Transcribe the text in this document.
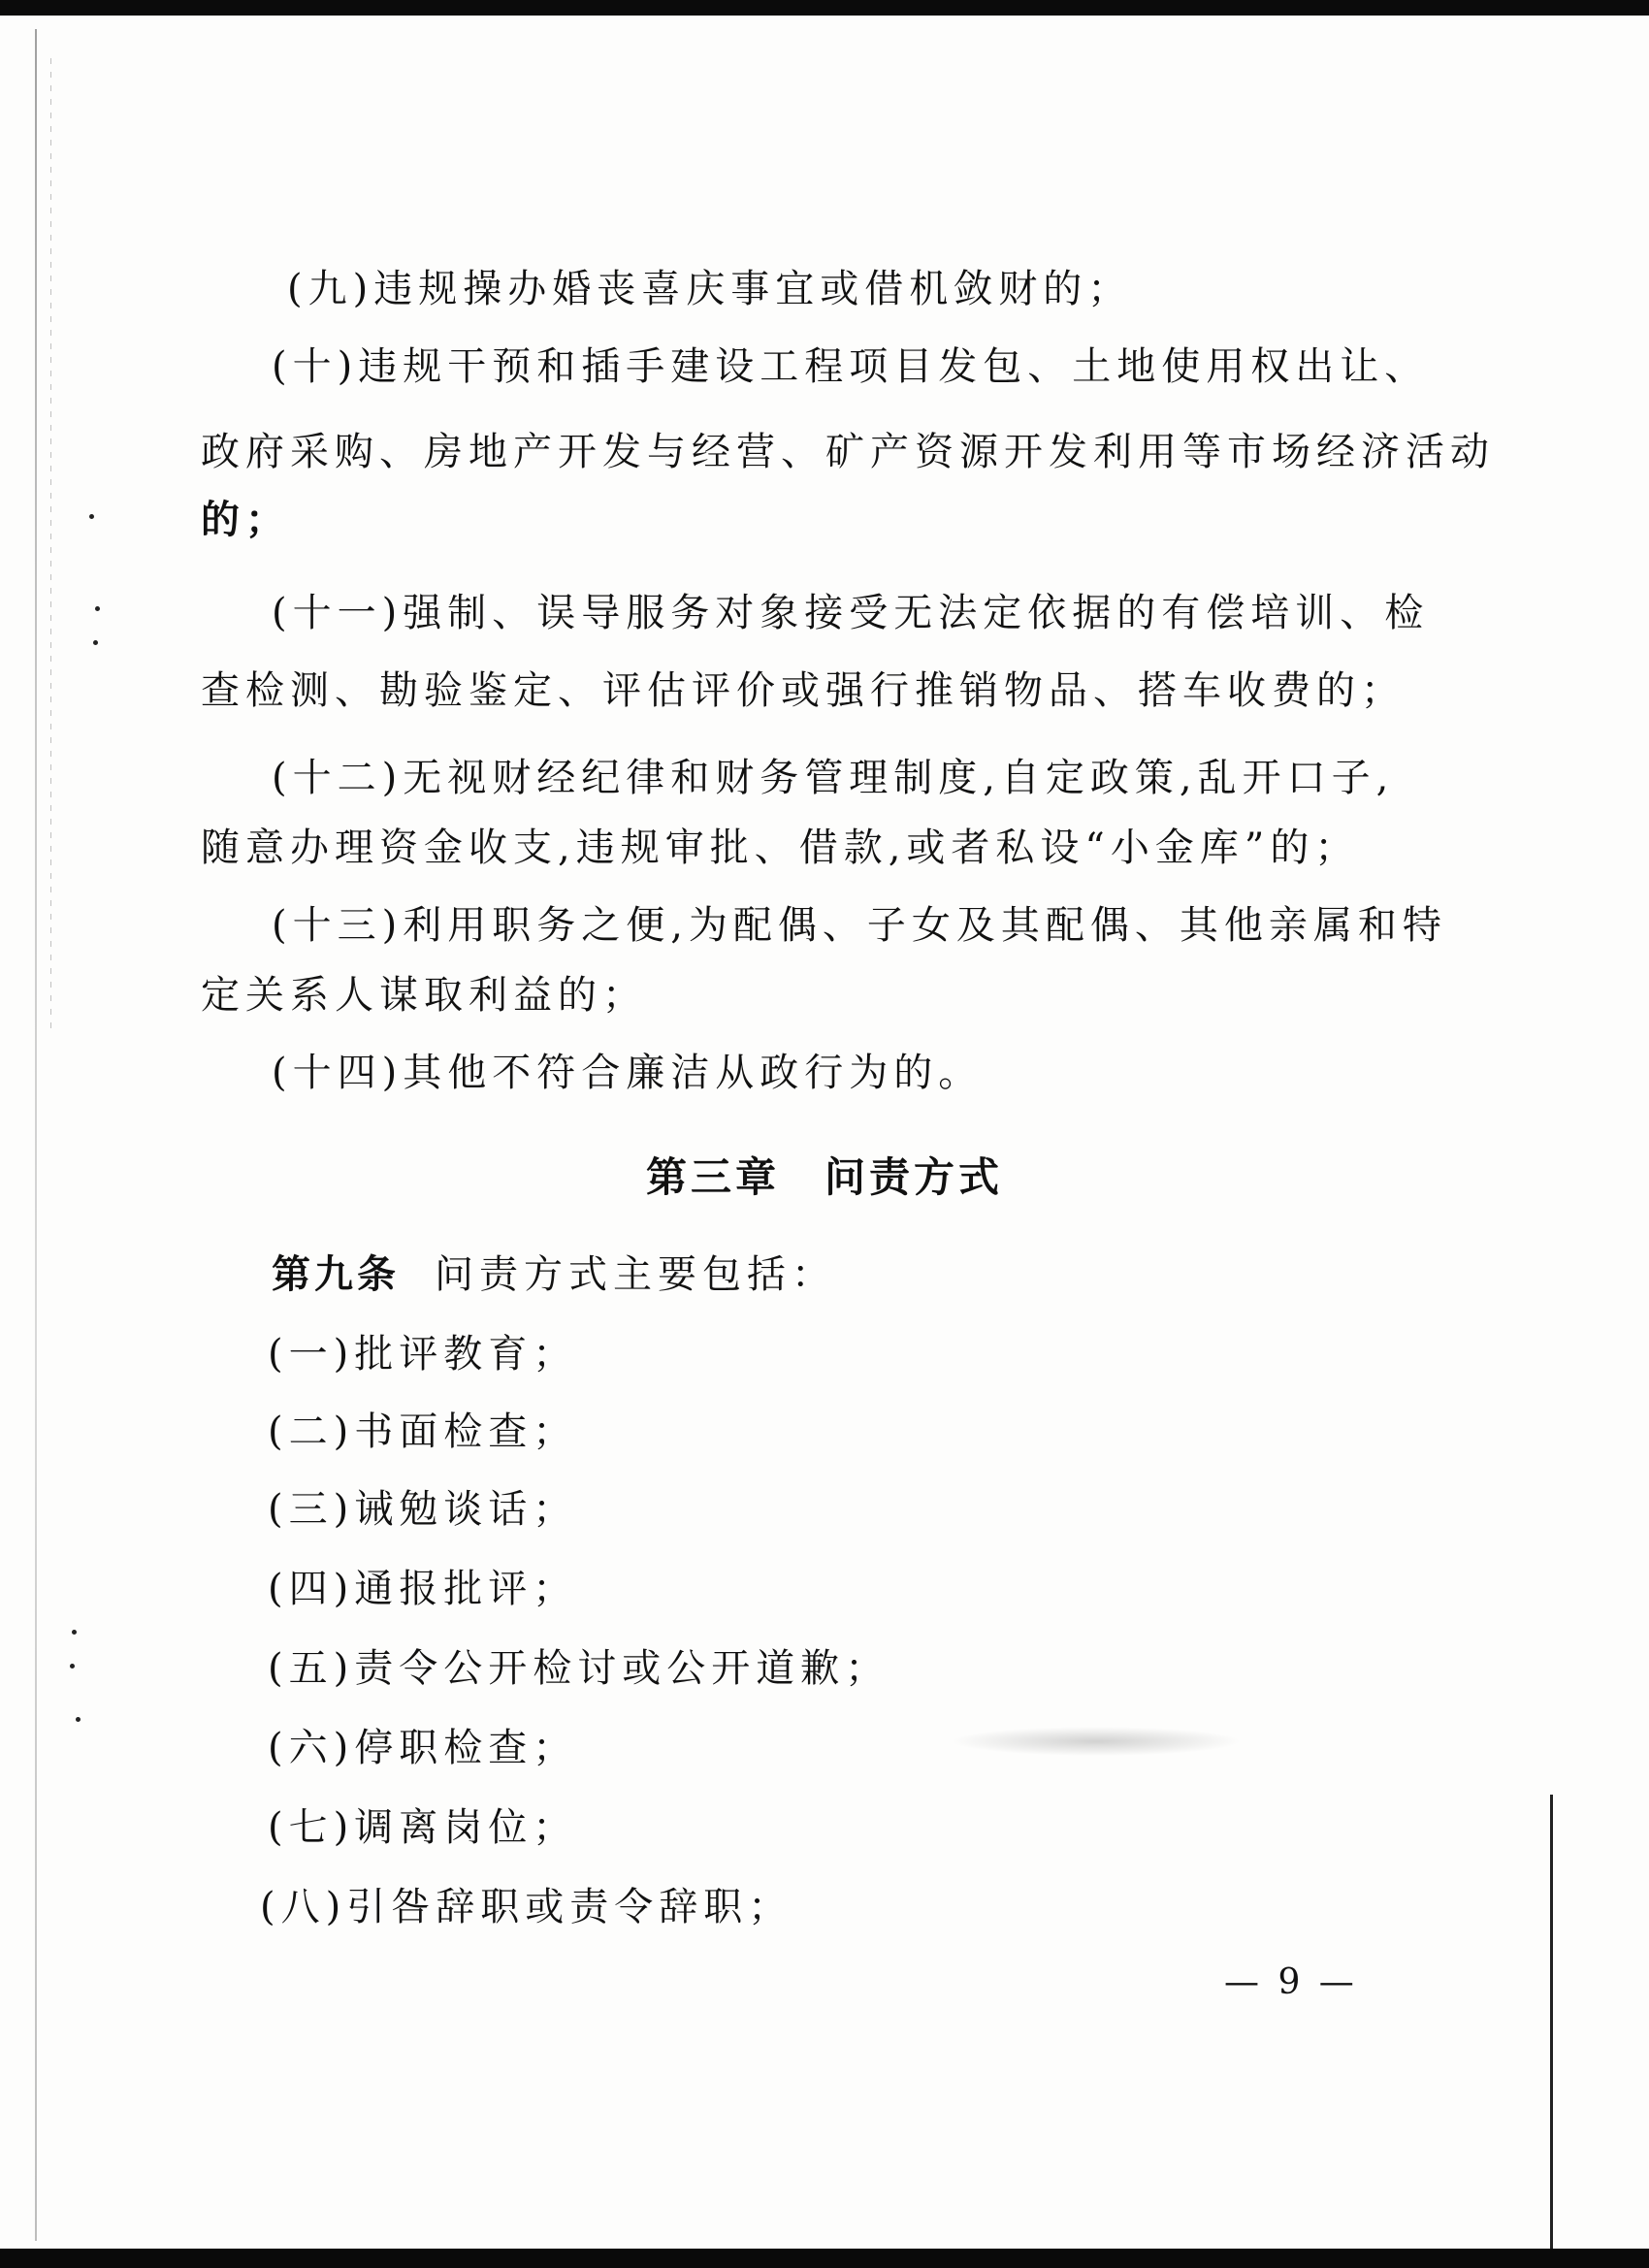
(九)违规操办婚丧喜庆事宜或借机敛财的；
(十)违规干预和插手建设工程项目发包、土地使用权出让、
政府采购、房地产开发与经营、矿产资源开发利用等市场经济活动
的；
(十一)强制、误导服务对象接受无法定依据的有偿培训、检
查检测、勘验鉴定、评估评价或强行推销物品、搭车收费的；
(十二)无视财经纪律和财务管理制度,自定政策,乱开口子,
随意办理资金收支,违规审批、借款,或者私设“小金库”的；
(十三)利用职务之便,为配偶、子女及其配偶、其他亲属和特
定关系人谋取利益的；
(十四)其他不符合廉洁从政行为的。
第三章　问责方式
第九条 问责方式主要包括：
(一)批评教育；
(二)书面检查；
(三)诫勉谈话；
(四)通报批评；
(五)责令公开检讨或公开道歉；
(六)停职检查；
(七)调离岗位；
(八)引咎辞职或责令辞职；
— 9 —
